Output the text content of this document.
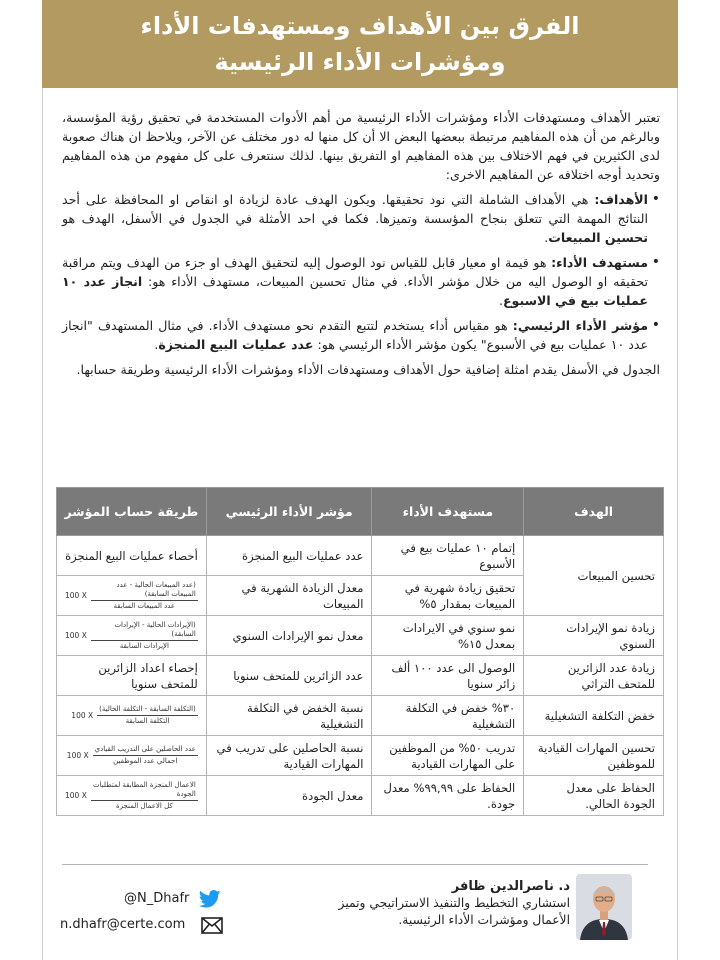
الفرق بين الأهداف ومستهدفات الأداء
ومؤشرات الأداء الرئيسية

تعتبر الأهداف ومستهدفات الأداء ومؤشرات الأداء الرئيسية من أهم الأدوات المستخدمة في تحقيق رؤية المؤسسة، وبالرغم من أن هذه المفاهيم مرتبطة ببعضها البعض الا أن كل منها له دور مختلف عن الآخر، ويلاحظ ان هناك صعوبة لدى الكثيرين في فهم الاختلاف بين هذه المفاهيم او التفريق بينها. لذلك سنتعرف على كل مفهوم من هذه المفاهيم وتحديد أوجه اختلافه عن المفاهيم الاخرى:

• الأهداف: هي الأهداف الشاملة التي نود تحقيقها. ويكون الهدف عادة لزيادة او انقاص او المحافظة على أحد النتائج المهمة التي تتعلق بنجاح المؤسسة وتميزها. فكما في احد الأمثلة في الجدول في الأسفل، الهدف هو تحسين المبيعات.
• مستهدف الأداء: هو قيمة او معيار قابل للقياس نود الوصول إليه لتحقيق الهدف او جزء من الهدف ويتم مراقبة تحقيقه او الوصول اليه من خلال مؤشر الأداء. في مثال تحسين المبيعات، مستهدف الأداء هو: انجاز عدد ١٠ عمليات بيع في الاسبوع.
• مؤشر الأداء الرئيسي: هو مقياس أداء يستخدم لتتبع التقدم نحو مستهدف الأداء. في مثال المستهدف "انجاز عدد ١٠ عمليات بيع في الأسبوع" يكون مؤشر الأداء الرئيسي هو: عدد عمليات البيع المنجزة.

الجدول في الأسفل يقدم امثلة إضافية حول الأهداف ومستهدفات الأداء ومؤشرات الأداء الرئيسية وطريقة حسابها.

الهدف	مستهدف الأداء	مؤشر الأداء الرئيسي	طريقة حساب المؤشر
تحسين المبيعات	إتمام ١٠ عمليات بيع في الأسبوع	عدد عمليات البيع المنجزة	أحصاء عمليات البيع المنجزة
	تحقيق زيادة شهرية في المبيعات بمقدار ٥%	معدل الزيادة الشهرية في المبيعات	$\frac{\text{(عدد المبيعات الحالية - عدد المبيعات السابقة)}}{\text{عدد المبيعات السابقة}}$
100 X

زيادة نمو الإيرادات السنوي	نمو سنوي في الايرادات بمعدل ١٥%	معدل نمو الإيرادات السنوي	$\frac{\text{(الإيرادات الحالية - الإيرادات السابقة)}}{\text{الإيرادات السابقة}}$
100 X

زيادة عدد الزائرين للمتحف التراثي	الوصول الى عدد ١٠٠ ألف زائر سنويا	عدد الزائرين للمتحف سنويا	إحصاء اعداد الزائرين للمتحف سنويا
خفض التكلفة التشغيلية	٣٠% خفض في التكلفة التشغيلية	نسبة الخفض في التكلفة التشغيلية	$\frac{\text{(التكلفة السابقة - التكلفة الحالية)}}{\text{التكلفة السابقة}}$
100 X

تحسين المهارات القيادية للموظفين	تدريب ٥٠% من الموظفين على المهارات القيادية	نسبة الحاصلين على تدريب في المهارات القيادية	$\frac{\text{عدد الحاصلين على التدريب القيادي}}{\text{اجمالي عدد الموظفين}}$
100 X

الحفاظ على معدل الجودة الحالي.	الحفاظ على ٩٩,٩٩% معدل جودة.	معدل الجودة	$\frac{\text{الاعمال المنجزة المطابقة لمتطلبات الجودة}}{\text{كل الاعمال المنجزة}}$
100 X
د. ناصرالدين ظافر
استشاري التخطيط والتنفيذ الاستراتيجي وتميز
الأعمال ومؤشرات الأداء الرئيسية.
@N_Dhafr
n.dhafr@certe.com
